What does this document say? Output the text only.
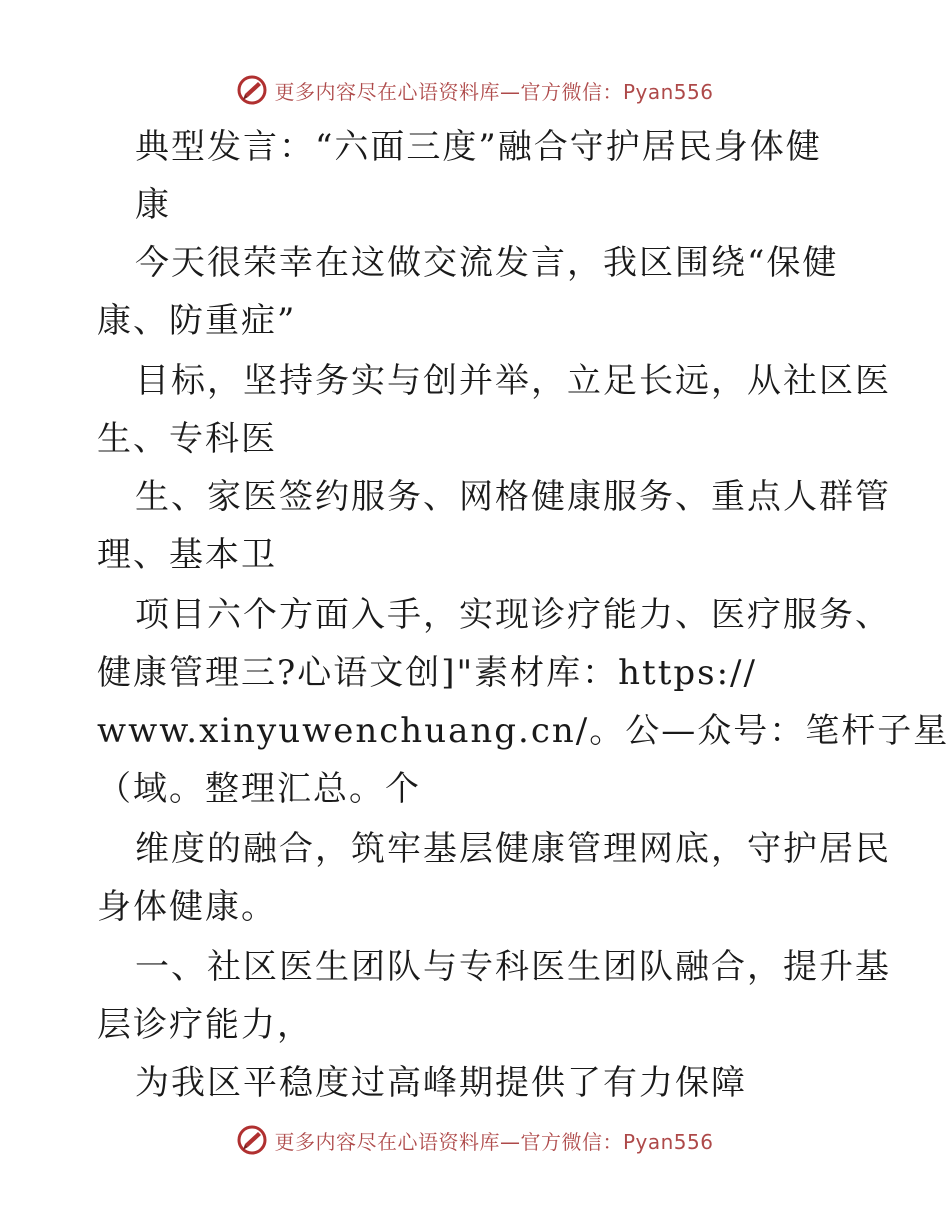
更多内容尽在心语资料库—官方微信：Pyan556
典型发言：“六面三度”融合守护居民身体健
康
今天很荣幸在这做交流发言，我区围绕“保健
康、防重症”
目标，坚持务实与创并举，立足长远，从社区医
生、专科医
生、家医签约服务、网格健康服务、重点人群管
理、基本卫
项目六个方面入手，实现诊疗能力、医疗服务、
健康管理三?心语文创]"素材库：https://
www.xinyuwenchuang.cn/。公—众号：笔杆子星
（域。整理汇总。个
维度的融合，筑牢基层健康管理网底，守护居民
身体健康。
一、社区医生团队与专科医生团队融合，提升基
层诊疗能力，
为我区平稳度过高峰期提供了有力保障
更多内容尽在心语资料库—官方微信：Pyan556
